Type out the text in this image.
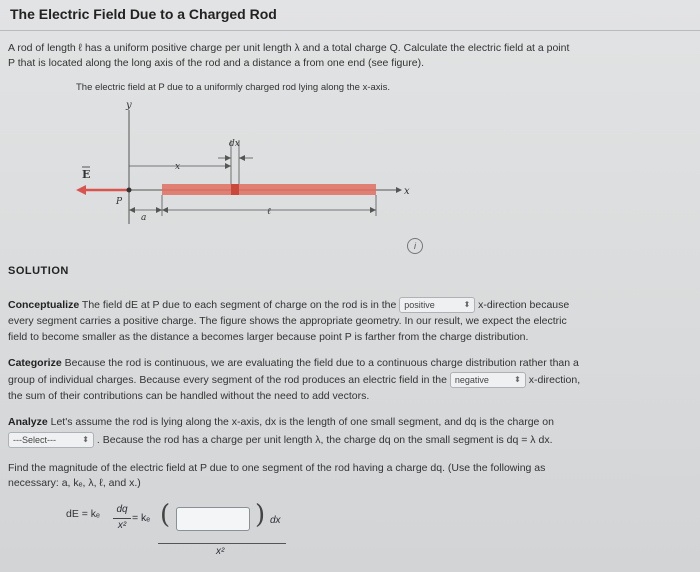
The Electric Field Due to a Charged Rod
A rod of length ℓ has a uniform positive charge per unit length λ and a total charge Q. Calculate the electric field at a point
P that is located along the long axis of the rod and a distance a from one end (see figure).
The electric field at P due to a uniformly charged rod lying along the x-axis.
y
x
E
P
dx
x
a
ℓ
i
SOLUTION
Conceptualize The field dE at P due to each segment of charge on the rod is in the positive	⬍ x-direction because
every segment carries a positive charge. The figure shows the appropriate geometry. In our result, we expect the electric
field to become smaller as the distance a becomes larger because point P is farther from the charge distribution.
Categorize Because the rod is continuous, we are evaluating the field due to a continuous charge distribution rather than a
group of individual charges. Because every segment of the rod produces an electric field in the negative	⬍ x-direction,
the sum of their contributions can be handled without the need to add vectors.
Analyze Let's assume the rod is lying along the x-axis, dx is the length of one small segment, and dq is the charge on
---Select---	⬍ . Because the rod has a charge per unit length λ, the charge dq on the small segment is dq = λ dx.
Find the magnitude of the electric field at P due to one segment of the rod having a charge dq. (Use the following as
necessary: a, kₑ, λ, ℓ, and x.)
dE = kₑ dq
x²
= kₑ (	) dx
x²
